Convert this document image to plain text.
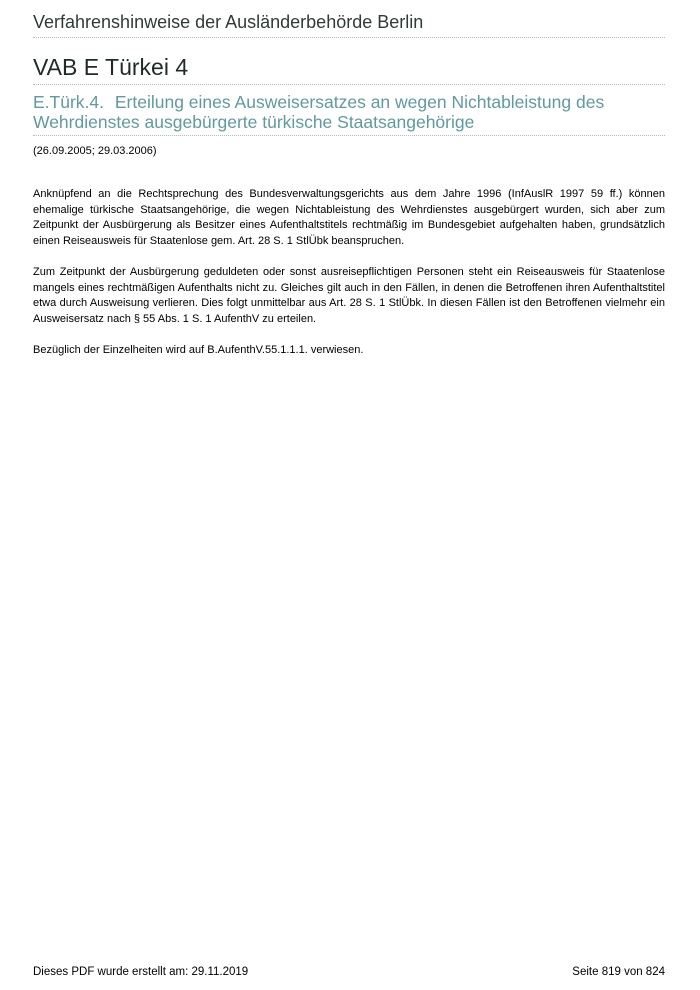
Verfahrenshinweise der Ausländerbehörde Berlin
VAB E Türkei 4
E.Türk.4. Erteilung eines Ausweisersatzes an wegen Nichtableistung des Wehrdienstes ausgebürgerte türkische Staatsangehörige
(26.09.2005; 29.03.2006)

Anknüpfend an die Rechtsprechung des Bundesverwaltungsgerichts aus dem Jahre 1996 (InfAuslR 1997 59 ff.) können ehemalige türkische Staatsangehörige, die wegen Nichtableistung des Wehrdienstes ausgebürgert wurden, sich aber zum Zeitpunkt der Ausbürgerung als Besitzer eines Aufenthaltstitels rechtmäßig im Bundesgebiet aufgehalten haben, grundsätzlich einen Reiseausweis für Staatenlose gem. Art. 28 S. 1 StlÜbk beanspruchen.

Zum Zeitpunkt der Ausbürgerung geduldeten oder sonst ausreisepflichtigen Personen steht ein Reiseausweis für Staatenlose mangels eines rechtmäßigen Aufenthalts nicht zu. Gleiches gilt auch in den Fällen, in denen die Betroffenen ihren Aufenthaltstitel etwa durch Ausweisung verlieren. Dies folgt unmittelbar aus Art. 28 S. 1 StlÜbk. In diesen Fällen ist den Betroffenen vielmehr ein Ausweisersatz nach § 55 Abs. 1 S. 1 AufenthV zu erteilen.

Bezüglich der Einzelheiten wird auf B.AufenthV.55.1.1.1. verwiesen.

Dieses PDF wurde erstellt am: 29.11.2019	Seite 819 von 824
